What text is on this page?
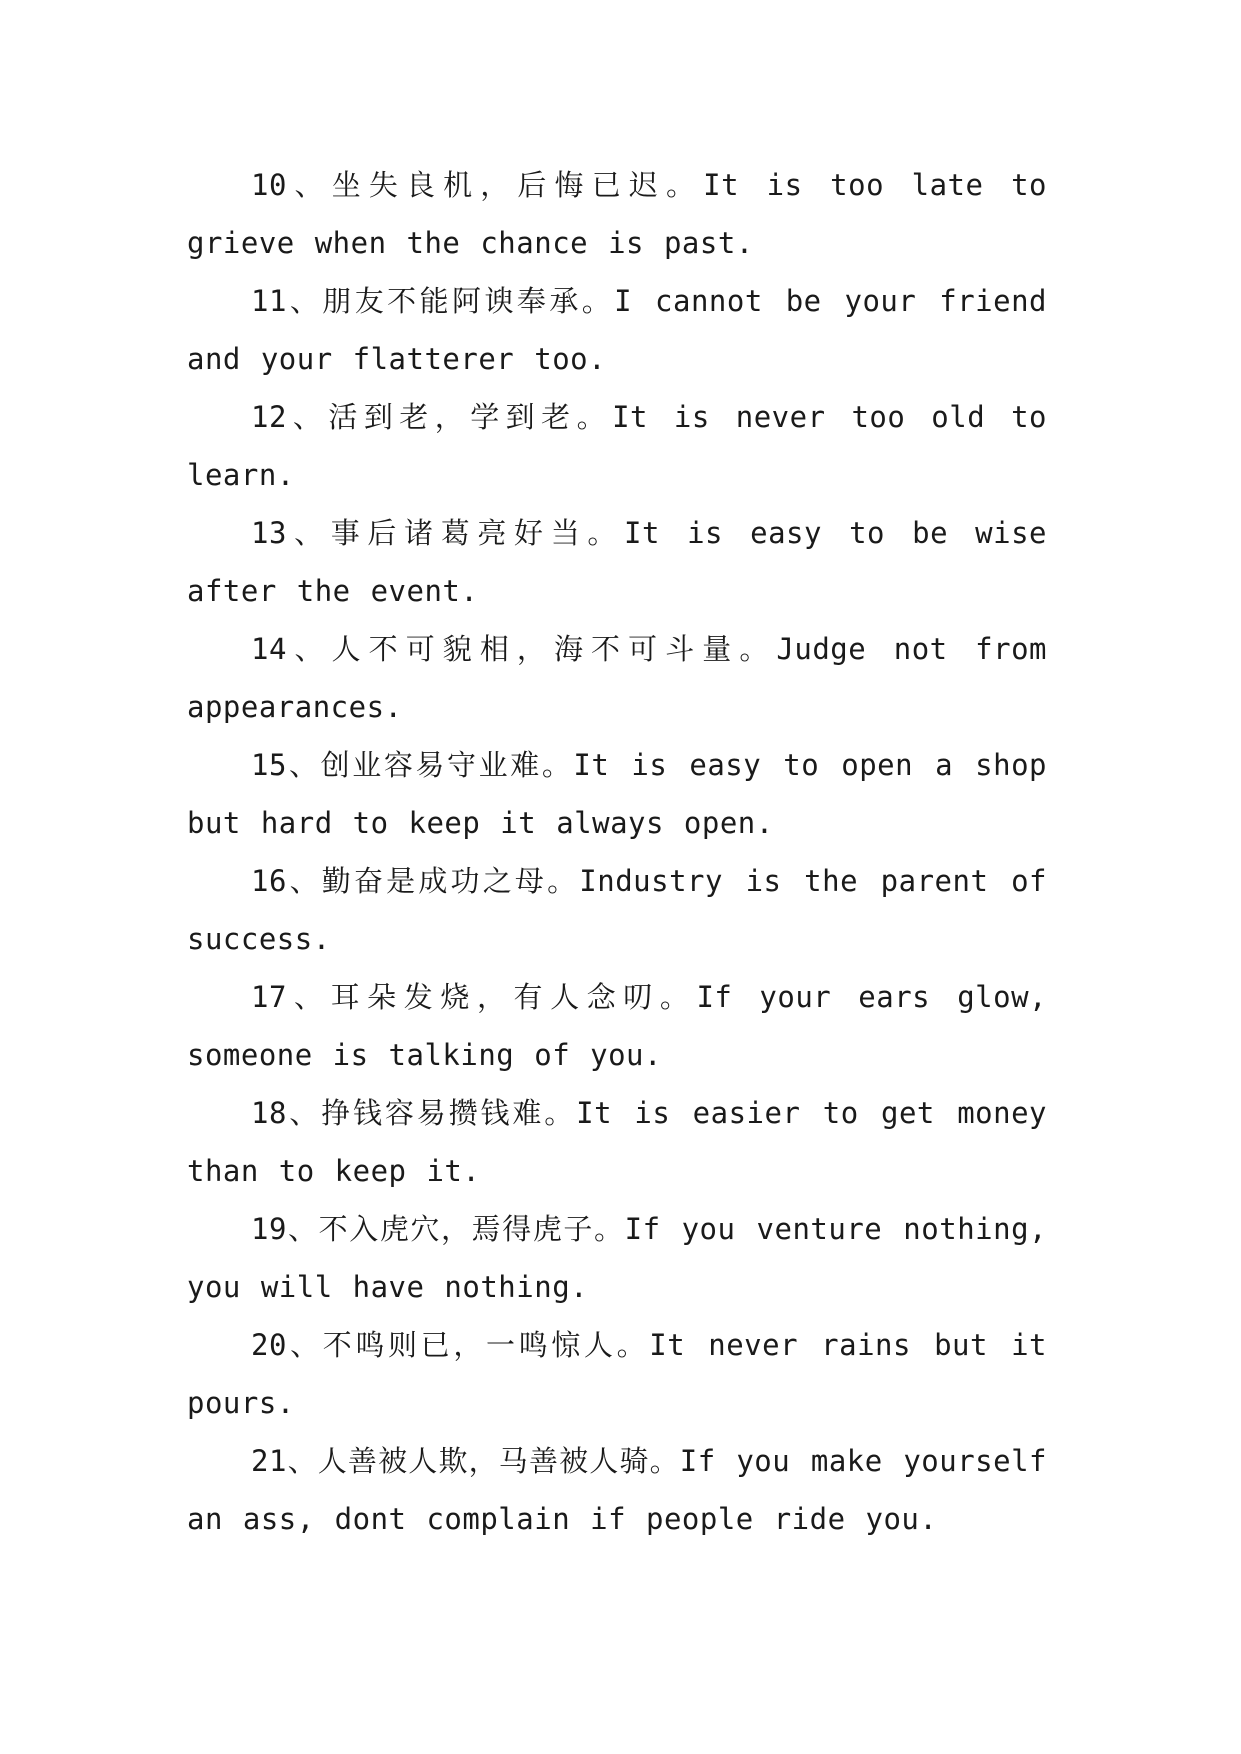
10、坐失良机，后悔已迟。It is too late to grieve when the chance is past.

11、朋友不能阿谀奉承。I cannot be your friend and your flatterer too.

12、活到老，学到老。It is never too old to learn.

13、事后诸葛亮好当。It is easy to be wise after the event.

14、人不可貌相，海不可斗量。Judge not from appearances.

15、创业容易守业难。It is easy to open a shop but hard to keep it always open.

16、勤奋是成功之母。Industry is the parent of success.

17、耳朵发烧，有人念叨。If your ears glow, someone is talking of you.

18、挣钱容易攒钱难。It is easier to get money than to keep it.

19、不入虎穴，焉得虎子。If you venture nothing, you will have nothing.

20、不鸣则已，一鸣惊人。It never rains but it pours.

21、人善被人欺，马善被人骑。If you make yourself an ass, dont complain if people ride you.
